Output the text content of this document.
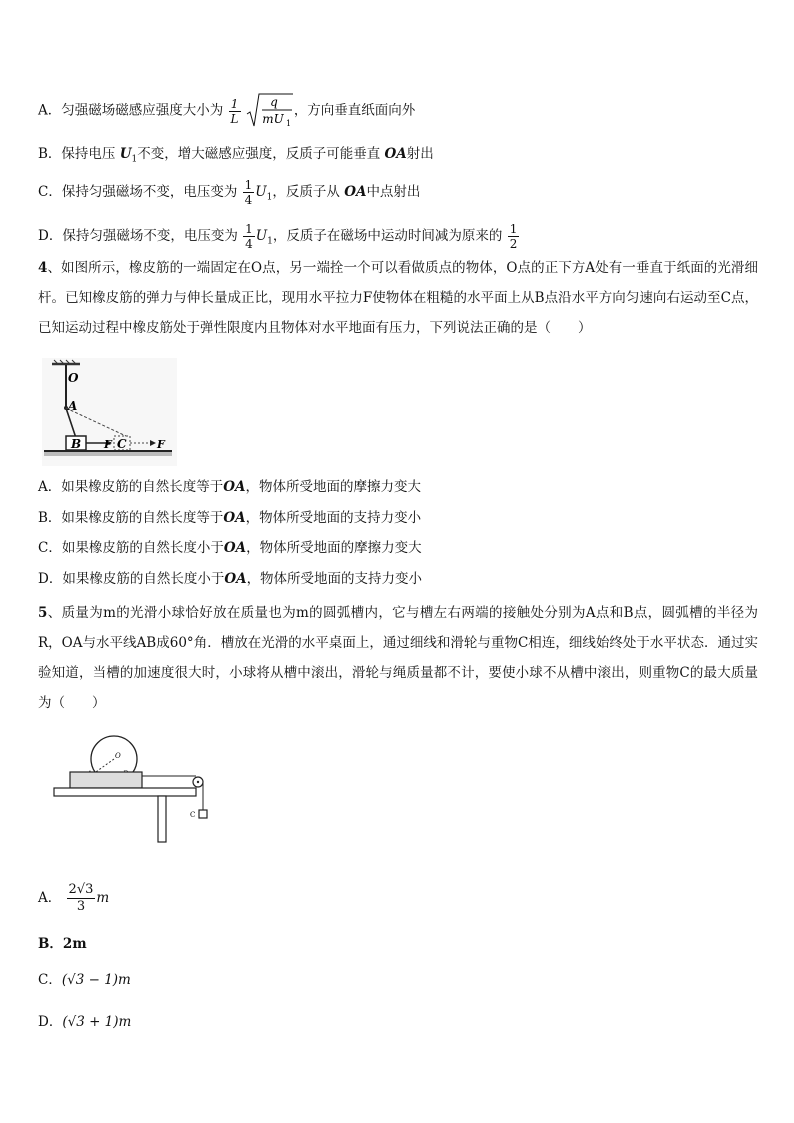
A．匀强磁场磁感应强度大小为 $\frac{1}{L}$
q
mU 1
，方向垂直纸面向外
B．保持电压 $U_1$不变，增大磁感应强度，反质子可能垂直 OA射出
C．保持匀强磁场不变，电压变为 $\frac{1}{4} U_1$，反质子从 OA中点射出
D．保持匀强磁场不变，电压变为 $\frac{1}{4} U_1$，反质子在磁场中运动时间减为原来的 $\frac{1}{2}$
4、如图所示，橡皮筋的一端固定在O点，另一端拴一个可以看做质点的物体，O点的正下方A处有一垂直于纸面的光滑细杆。已知橡皮筋的弹力与伸长量成正比，现用水平拉力F使物体在粗糙的水平面上从B点沿水平方向匀速向右运动至C点，已知运动过程中橡皮筋处于弹性限度内且物体对水平地面有压力，下列说法正确的是（　　）
O
A
B F C	F
A．如果橡皮筋的自然长度等于OA，物体所受地面的摩擦力变大
B．如果橡皮筋的自然长度等于OA，物体所受地面的支持力变小
C．如果橡皮筋的自然长度小于OA，物体所受地面的摩擦力变大
D．如果橡皮筋的自然长度小于OA，物体所受地面的支持力变小
5、质量为m的光滑小球恰好放在质量也为m的圆弧槽内，它与槽左右两端的接触处分别为A点和B点，圆弧槽的半径为R，OA与水平线AB成60°角．槽放在光滑的水平桌面上，通过细线和滑轮与重物C相连，细线始终处于水平状态．通过实验知道，当槽的加速度很大时，小球将从槽中滚出，滑轮与绳质量都不计，要使小球不从槽中滚出，则重物C的最大质量为（　　）
O
C
A． $\frac{2√3}{3}$ m
B．2m
C．(√3 − 1)m
D．(√3 + 1)m
